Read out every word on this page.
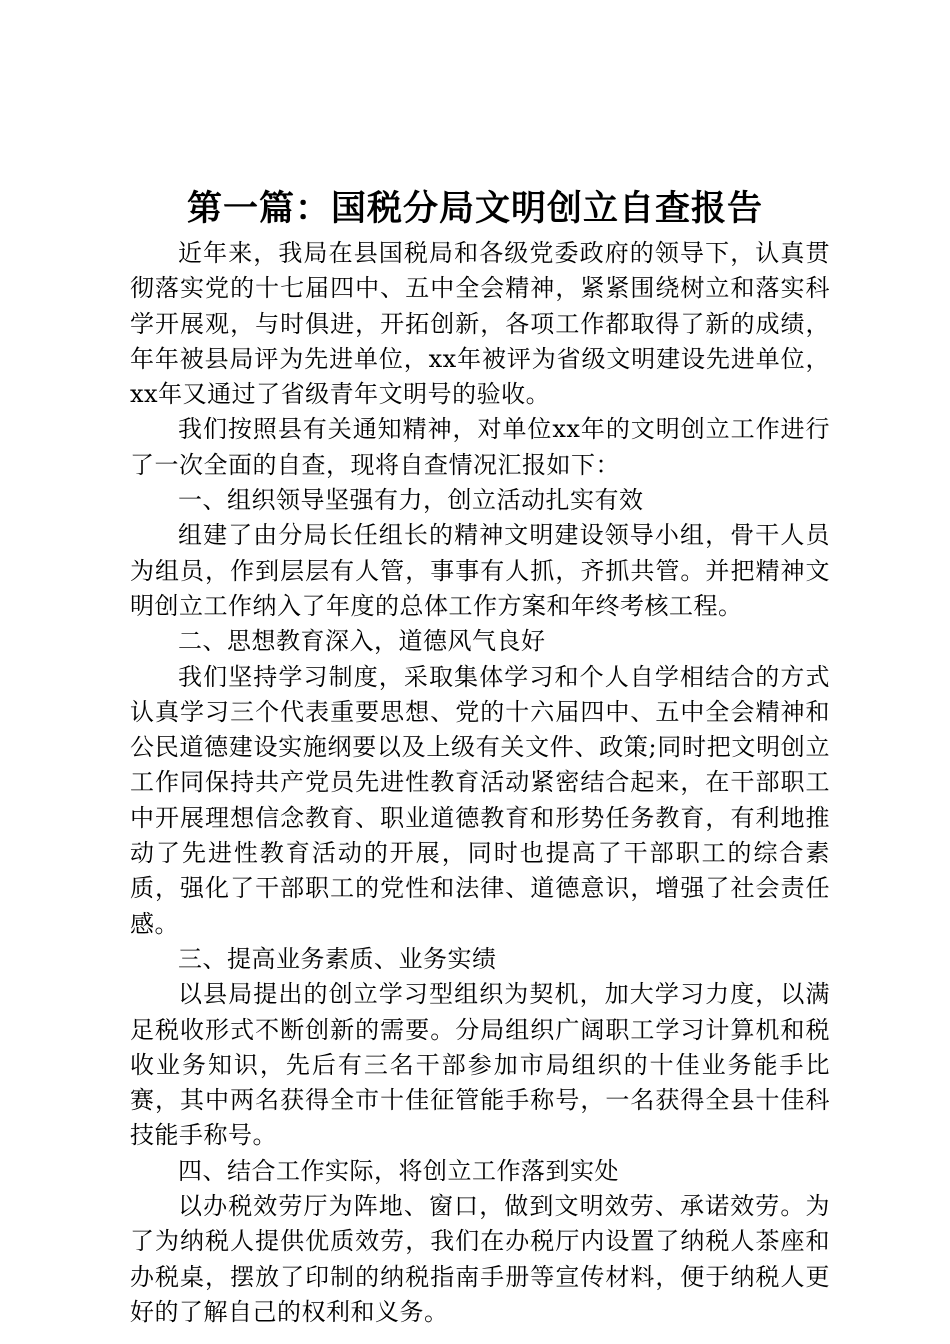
第一篇：国税分局文明创立自查报告

近年来，我局在县国税局和各级党委政府的领导下，认真贯彻落实党的十七届四中、五中全会精神，紧紧围绕树立和落实科学开展观，与时俱进，开拓创新，各项工作都取得了新的成绩，年年被县局评为先进单位，xx年被评为省级文明建设先进单位，xx年又通过了省级青年文明号的验收。

我们按照县有关通知精神，对单位xx年的文明创立工作进行了一次全面的自查，现将自查情况汇报如下：

一、组织领导坚强有力，创立活动扎实有效

组建了由分局长任组长的精神文明建设领导小组，骨干人员为组员，作到层层有人管，事事有人抓，齐抓共管。并把精神文明创立工作纳入了年度的总体工作方案和年终考核工程。

二、思想教育深入，道德风气良好

我们坚持学习制度，采取集体学习和个人自学相结合的方式认真学习三个代表重要思想、党的十六届四中、五中全会精神和公民道德建设实施纲要以及上级有关文件、政策;同时把文明创立工作同保持共产党员先进性教育活动紧密结合起来，在干部职工中开展理想信念教育、职业道德教育和形势任务教育，有利地推动了先进性教育活动的开展，同时也提高了干部职工的综合素质，强化了干部职工的党性和法律、道德意识，增强了社会责任感。

三、提高业务素质、业务实绩

以县局提出的创立学习型组织为契机，加大学习力度，以满足税收形式不断创新的需要。分局组织广阔职工学习计算机和税收业务知识，先后有三名干部参加市局组织的十佳业务能手比赛，其中两名获得全市十佳征管能手称号，一名获得全县十佳科技能手称号。

四、结合工作实际，将创立工作落到实处

以办税效劳厅为阵地、窗口，做到文明效劳、承诺效劳。为了为纳税人提供优质效劳，我们在办税厅内设置了纳税人茶座和办税桌，摆放了印制的纳税指南手册等宣传材料，便于纳税人更好的了解自己的权利和义务。
